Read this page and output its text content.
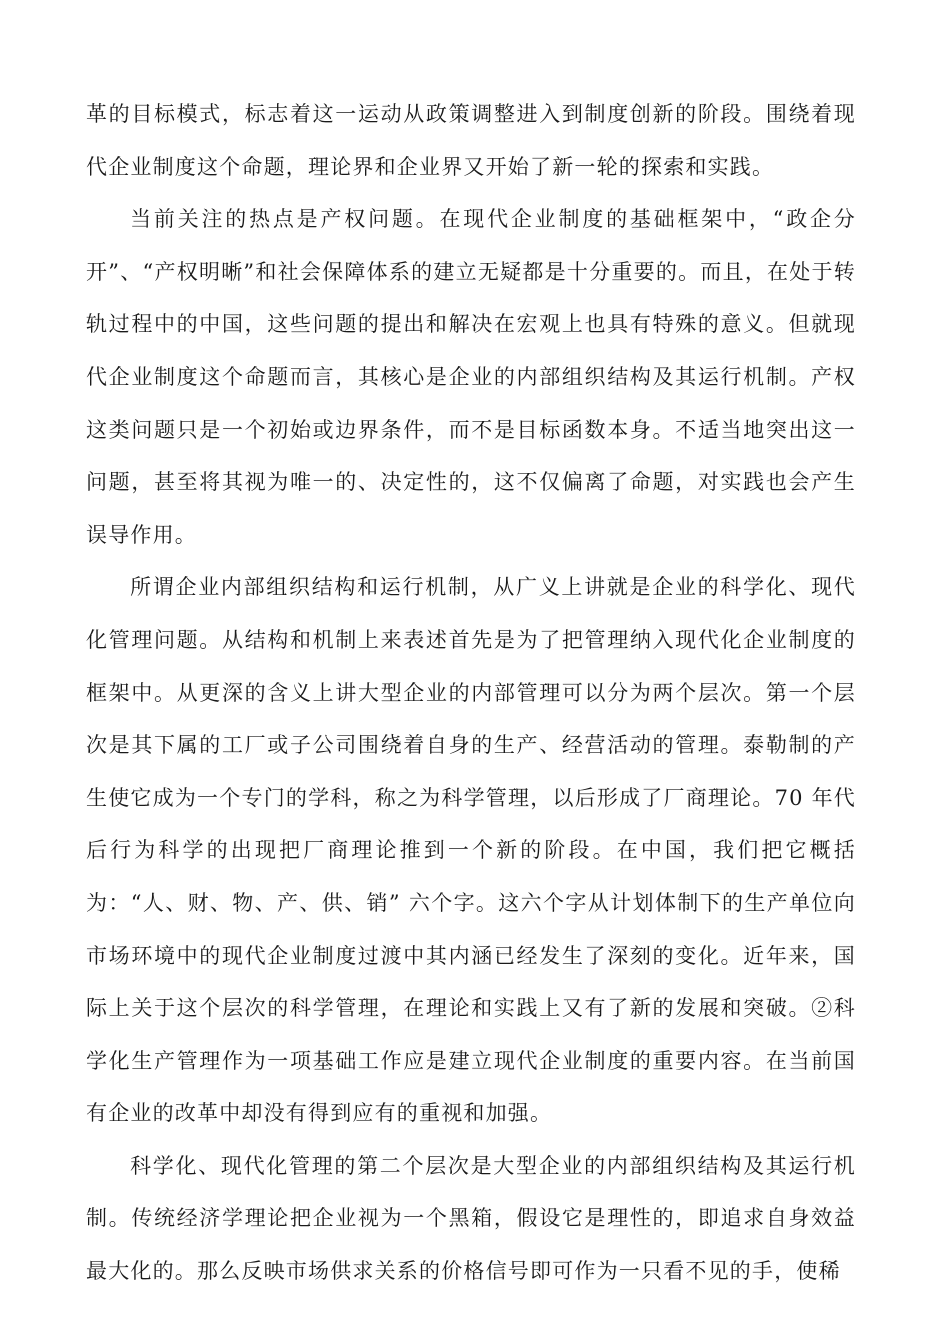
革的目标模式，标志着这一运动从政策调整进入到制度创新的阶段。围绕着现代企业制度这个命题，理论界和企业界又开始了新一轮的探索和实践。

当前关注的热点是产权问题。在现代企业制度的基础框架中，“政企分开”、“产权明晰”和社会保障体系的建立无疑都是十分重要的。而且，在处于转轨过程中的中国，这些问题的提出和解决在宏观上也具有特殊的意义。但就现代企业制度这个命题而言，其核心是企业的内部组织结构及其运行机制。产权这类问题只是一个初始或边界条件，而不是目标函数本身。不适当地突出这一问题，甚至将其视为唯一的、决定性的，这不仅偏离了命题，对实践也会产生误导作用。

所谓企业内部组织结构和运行机制，从广义上讲就是企业的科学化、现代化管理问题。从结构和机制上来表述首先是为了把管理纳入现代化企业制度的框架中。从更深的含义上讲大型企业的内部管理可以分为两个层次。第一个层次是其下属的工厂或子公司围绕着自身的生产、经营活动的管理。泰勒制的产生使它成为一个专门的学科，称之为科学管理，以后形成了厂商理论。70 年代后行为科学的出现把厂商理论推到一个新的阶段。在中国，我们把它概括为：“人、财、物、产、供、销” 六个字。这六个字从计划体制下的生产单位向市场环境中的现代企业制度过渡中其内涵已经发生了深刻的变化。近年来，国际上关于这个层次的科学管理，在理论和实践上又有了新的发展和突破。②科学化生产管理作为一项基础工作应是建立现代企业制度的重要内容。在当前国有企业的改革中却没有得到应有的重视和加强。

科学化、现代化管理的第二个层次是大型企业的内部组织结构及其运行机制。传统经济学理论把企业视为一个黑箱，假设它是理性的，即追求自身效益最大化的。那么反映市场供求关系的价格信号即可作为一只看不见的手，使稀
